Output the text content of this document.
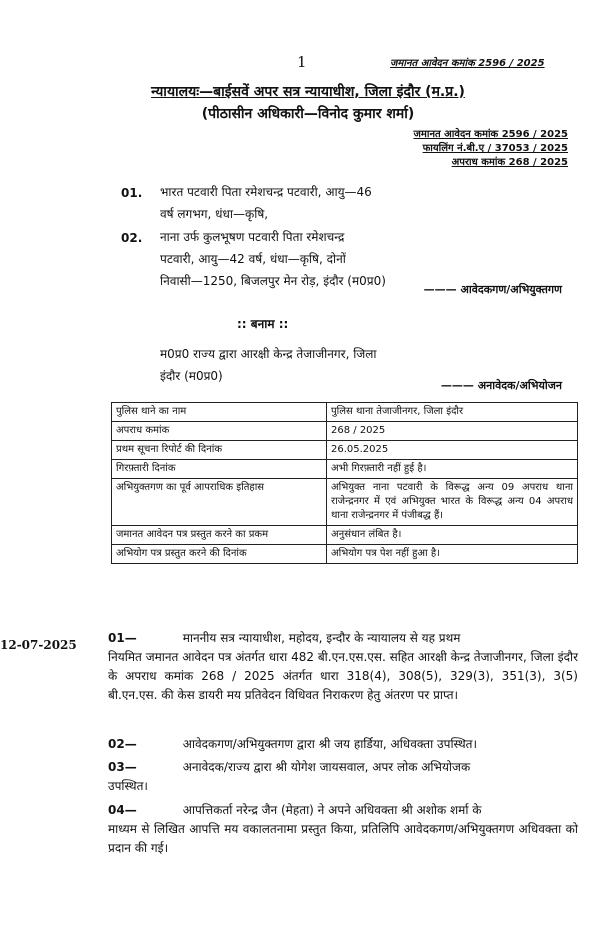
1	जमानत आवेदन कमांक 2596 / 2025
न्यायालयः—बाईसवें अपर सत्र न्यायाधीश, जिला इंदौर (म.प्र.)
(पीठासीन अधिकारी—विनोद कुमार शर्मा)
जमानत आवेदन कमांक 2596 / 2025
फायलिंग नं.बी.ए / 37053 / 2025
अपराध कमांक 268 / 2025
01. भारत पटवारी पिता रमेशचन्द्र पटवारी, आयु—46
वर्ष लगभग, धंधा—कृषि,
02. नाना उर्फ कुलभूषण पटवारी पिता रमेशचन्द्र
पटवारी, आयु—42 वर्ष, धंधा—कृषि, दोनों
निवासी—1250, बिजलपुर मेन रोड़, इंदौर (म0प्र0)
——— आवेदकगण/अभियुक्तगण
:: बनाम ::
म0प्र0 राज्य द्वारा आरक्षी केन्द्र तेजाजीनगर, जिला
इंदौर (म0प्र0)
——— अनावेदक/अभियोजन
पुलिस थाने का नाम	पुलिस थाना तेजाजीनगर, जिला इंदौर
अपराध कमांक	268 / 2025
प्रथम सूचना रिपोर्ट की दिनांक	26.05.2025
गिरफ़्तारी दिनांक	अभी गिरफ़्तारी नहीं हुई है।
अभियुक्तगण का पूर्व आपराधिक इतिहास	अभियुक्त नाना पटवारी के विरूद्ध अन्य 09 अपराध थाना राजेन्द्रनगर में एवं अभियुक्त भारत के विरूद्ध अन्य 04 अपराध थाना राजेन्द्रनगर में पंजीबद्ध हैं।
जमानत आवेदन पत्र प्रस्तुत करने का प्रकम	अनुसंधान लंबित है।
अभियोग पत्र प्रस्तुत करने की दिनांक	अभियोग पत्र पेश नहीं हुआ है।
12-07-2025	01—	माननीय सत्र न्यायाधीश, महोदय, इन्दौर के न्यायालय से यह प्रथम
नियमित जमानत आवेदन पत्र अंतर्गत धारा 482 बी.एन.एस.एस. सहित आरक्षी केन्द्र तेजाजीनगर, जिला इंदौर के अपराध कमांक 268 / 2025 अंतर्गत धारा 318(4), 308(5), 329(3), 351(3), 3(5) बी.एन.एस. की केस डायरी मय प्रतिवेदन विधिवत निराकरण हेतु अंतरण पर प्राप्त।
02—	आवेदकगण/अभियुक्तगण द्वारा श्री जय हार्डिया, अधिवक्ता उपस्थित।
03—	अनावेदक/राज्य द्वारा श्री योगेश जायसवाल, अपर लोक अभियोजक
उपस्थित।
04—	आपत्तिकर्ता नरेन्द्र जैन (मेहता) ने अपने अधिवक्ता श्री अशोक शर्मा के
माध्यम से लिखित आपत्ति मय वकालतनामा प्रस्तुत किया, प्रतिलिपि आवेदकगण/अभियुक्तगण अधिवक्ता को प्रदान की गई।
